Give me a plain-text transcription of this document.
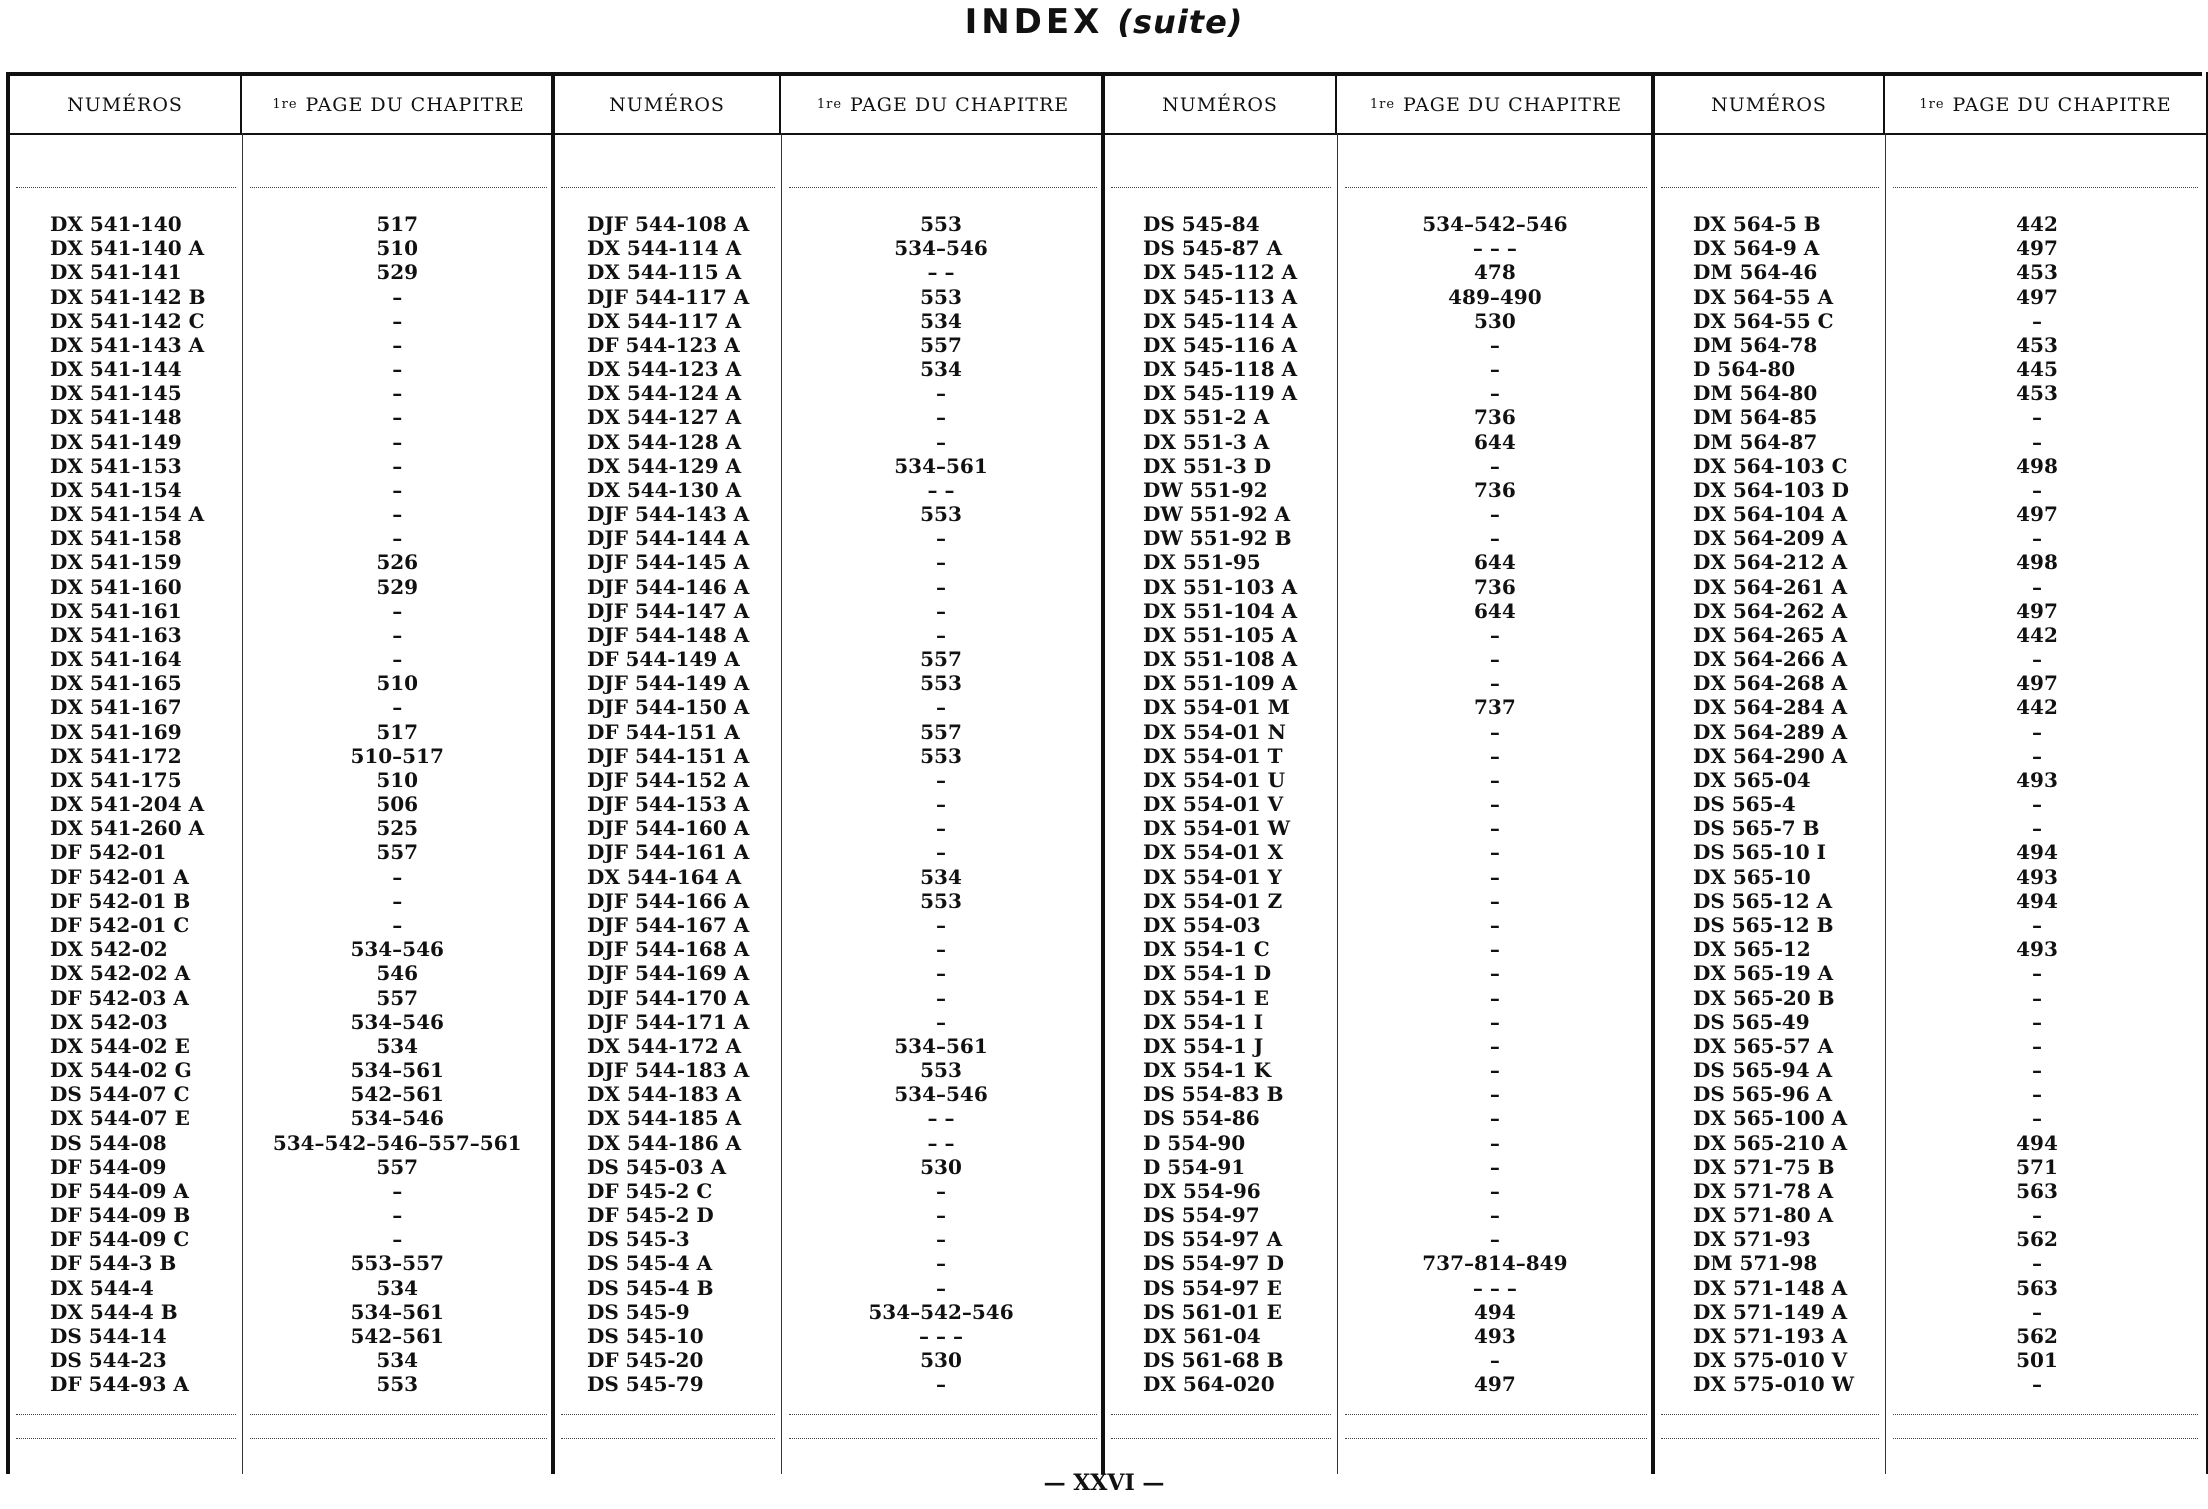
INDEX (suite)
NUMÉROS	1re PAGE DU CHAPITRE
DX 541-140	517
DX 541-140 A	510
DX 541-141	529
DX 541-142 B	–
DX 541-142 C	–
DX 541-143 A	–
DX 541-144	–
DX 541-145	–
DX 541-148	–
DX 541-149	–
DX 541-153	–
DX 541-154	–
DX 541-154 A	–
DX 541-158	–
DX 541-159	526
DX 541-160	529
DX 541-161	–
DX 541-163	–
DX 541-164	–
DX 541-165	510
DX 541-167	–
DX 541-169	517
DX 541-172	510–517
DX 541-175	510
DX 541-204 A	506
DX 541-260 A	525
DF 542-01	557
DF 542-01 A	–
DF 542-01 B	–
DF 542-01 C	–
DX 542-02	534–546
DX 542-02 A	546
DF 542-03 A	557
DX 542-03	534–546
DX 544-02 E	534
DX 544-02 G	534–561
DS 544-07 C	542–561
DX 544-07 E	534–546
DS 544-08	534–542–546–557–561
DF 544-09	557
DF 544-09 A	–
DF 544-09 B	–
DF 544-09 C	–
DF 544-3 B	553–557
DX 544-4	534
DX 544-4 B	534–561
DS 544-14	542–561
DS 544-23	534
DF 544-93 A	553
NUMÉROS	1re PAGE DU CHAPITRE
DJF 544-108 A	553
DX 544-114 A	534–546
DX 544-115 A	– –
DJF 544-117 A	553
DX 544-117 A	534
DF 544-123 A	557
DX 544-123 A	534
DX 544-124 A	–
DX 544-127 A	–
DX 544-128 A	–
DX 544-129 A	534–561
DX 544-130 A	– –
DJF 544-143 A	553
DJF 544-144 A	–
DJF 544-145 A	–
DJF 544-146 A	–
DJF 544-147 A	–
DJF 544-148 A	–
DF 544-149 A	557
DJF 544-149 A	553
DJF 544-150 A	–
DF 544-151 A	557
DJF 544-151 A	553
DJF 544-152 A	–
DJF 544-153 A	–
DJF 544-160 A	–
DJF 544-161 A	–
DX 544-164 A	534
DJF 544-166 A	553
DJF 544-167 A	–
DJF 544-168 A	–
DJF 544-169 A	–
DJF 544-170 A	–
DJF 544-171 A	–
DX 544-172 A	534–561
DJF 544-183 A	553
DX 544-183 A	534–546
DX 544-185 A	– –
DX 544-186 A	– –
DS 545-03 A	530
DF 545-2 C	–
DF 545-2 D	–
DS 545-3	–
DS 545-4 A	–
DS 545-4 B	–
DS 545-9	534–542–546
DS 545-10	– – –
DF 545-20	530
DS 545-79	–
NUMÉROS	1re PAGE DU CHAPITRE
DS 545-84	534–542–546
DS 545-87 A	– – –
DX 545-112 A	478
DX 545-113 A	489–490
DX 545-114 A	530
DX 545-116 A	–
DX 545-118 A	–
DX 545-119 A	–
DX 551-2 A	736
DX 551-3 A	644
DX 551-3 D	–
DW 551-92	736
DW 551-92 A	–
DW 551-92 B	–
DX 551-95	644
DX 551-103 A	736
DX 551-104 A	644
DX 551-105 A	–
DX 551-108 A	–
DX 551-109 A	–
DX 554-01 M	737
DX 554-01 N	–
DX 554-01 T	–
DX 554-01 U	–
DX 554-01 V	–
DX 554-01 W	–
DX 554-01 X	–
DX 554-01 Y	–
DX 554-01 Z	–
DX 554-03	–
DX 554-1 C	–
DX 554-1 D	–
DX 554-1 E	–
DX 554-1 I	–
DX 554-1 J	–
DX 554-1 K	–
DS 554-83 B	–
DS 554-86	–
D 554-90	–
D 554-91	–
DX 554-96	–
DS 554-97	–
DS 554-97 A	–
DS 554-97 D	737–814–849
DS 554-97 E	– – –
DS 561-01 E	494
DX 561-04	493
DS 561-68 B	–
DX 564-020	497
NUMÉROS	1re PAGE DU CHAPITRE
DX 564-5 B	442
DX 564-9 A	497
DM 564-46	453
DX 564-55 A	497
DX 564-55 C	–
DM 564-78	453
D 564-80	445
DM 564-80	453
DM 564-85	–
DM 564-87	–
DX 564-103 C	498
DX 564-103 D	–
DX 564-104 A	497
DX 564-209 A	–
DX 564-212 A	498
DX 564-261 A	–
DX 564-262 A	497
DX 564-265 A	442
DX 564-266 A	–
DX 564-268 A	497
DX 564-284 A	442
DX 564-289 A	–
DX 564-290 A	–
DX 565-04	493
DS 565-4	–
DS 565-7 B	–
DS 565-10 I	494
DX 565-10	493
DS 565-12 A	494
DS 565-12 B	–
DX 565-12	493
DX 565-19 A	–
DX 565-20 B	–
DS 565-49	–
DX 565-57 A	–
DS 565-94 A	–
DS 565-96 A	–
DX 565-100 A	–
DX 565-210 A	494
DX 571-75 B	571
DX 571-78 A	563
DX 571-80 A	–
DX 571-93	562
DM 571-98	–
DX 571-148 A	563
DX 571-149 A	–
DX 571-193 A	562
DX 575-010 V	501
DX 575-010 W	–
— XXVI —
